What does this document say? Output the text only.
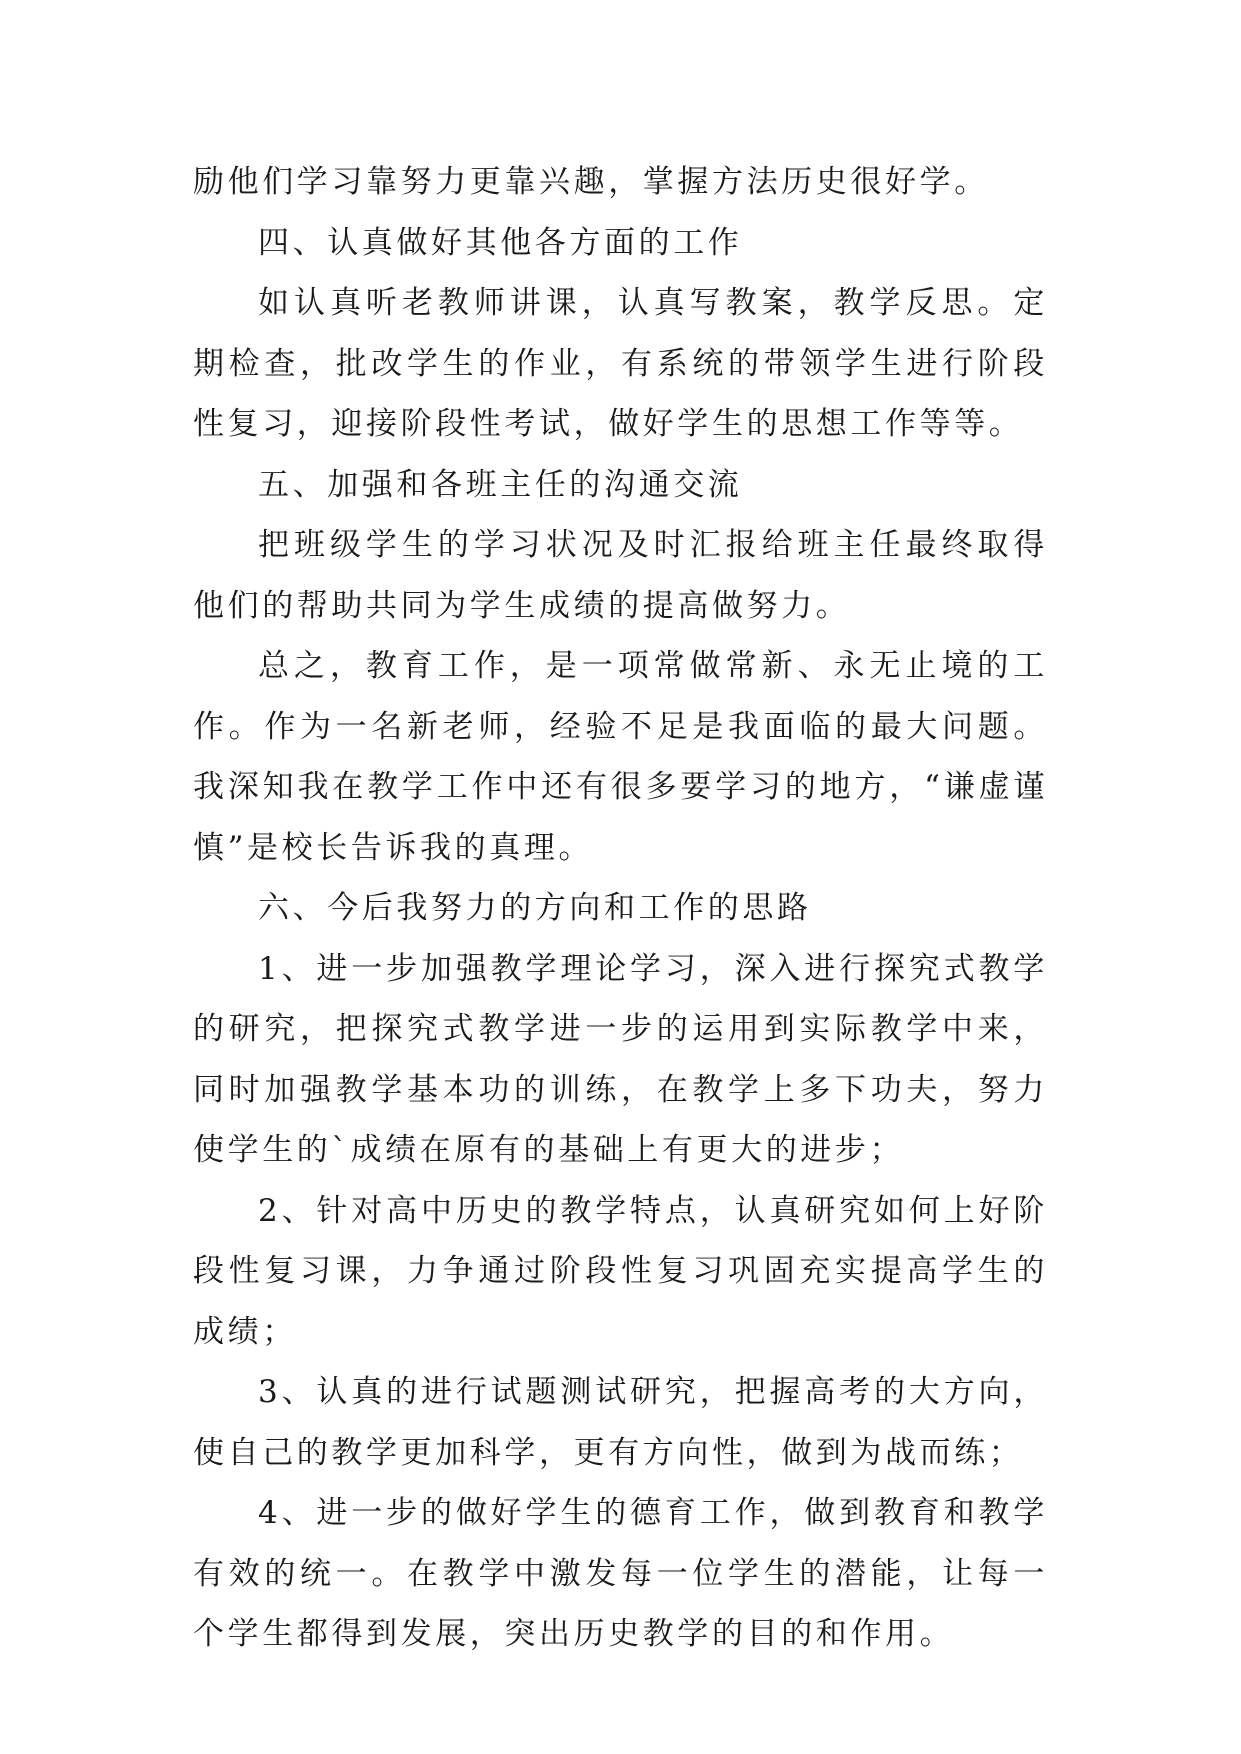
励他们学习靠努力更靠兴趣，掌握方法历史很好学。

四、认真做好其他各方面的工作

如认真听老教师讲课，认真写教案，教学反思。定期检查，批改学生的作业，有系统的带领学生进行阶段性复习，迎接阶段性考试，做好学生的思想工作等等。

五、加强和各班主任的沟通交流

把班级学生的学习状况及时汇报给班主任最终取得他们的帮助共同为学生成绩的提高做努力。

总之，教育工作，是一项常做常新、永无止境的工作。作为一名新老师，经验不足是我面临的最大问题。我深知我在教学工作中还有很多要学习的地方，“谦虚谨慎”是校长告诉我的真理。

六、今后我努力的方向和工作的思路

1、进一步加强教学理论学习，深入进行探究式教学的研究，把探究式教学进一步的运用到实际教学中来，同时加强教学基本功的训练，在教学上多下功夫，努力使学生的`成绩在原有的基础上有更大的进步；

2、针对高中历史的教学特点，认真研究如何上好阶段性复习课，力争通过阶段性复习巩固充实提高学生的成绩；

3、认真的进行试题测试研究，把握高考的大方向，使自己的教学更加科学，更有方向性，做到为战而练；

4、进一步的做好学生的德育工作，做到教育和教学有效的统一。在教学中激发每一位学生的潜能，让每一个学生都得到发展，突出历史教学的目的和作用。
